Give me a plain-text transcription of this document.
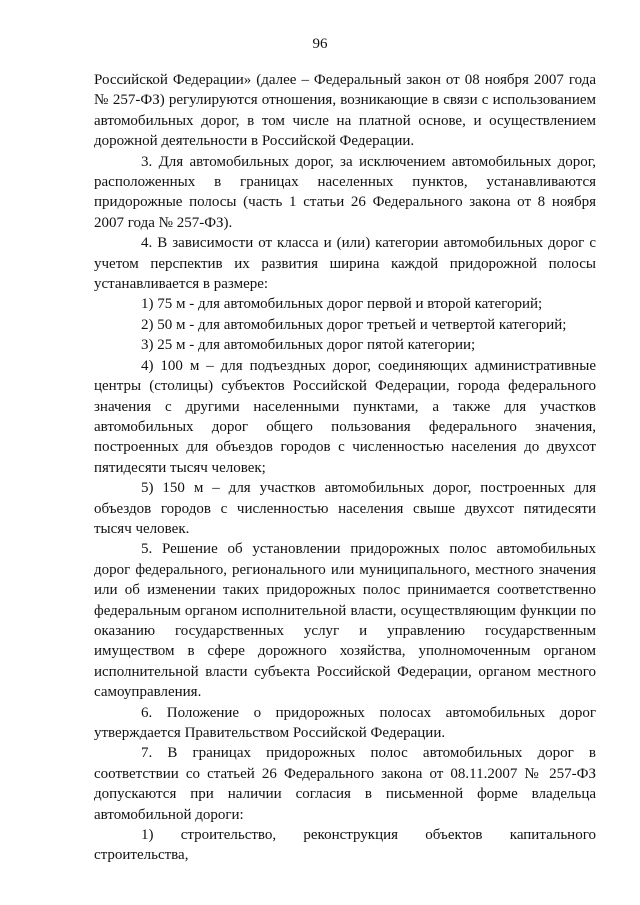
96

Российской Федерации» (далее – Федеральный закон от 08 ноября 2007 года № 257-ФЗ) регулируются отношения, возникающие в связи с использованием автомобильных дорог, в том числе на платной основе, и осуществлением дорожной деятельности в Российской Федерации.

3. Для автомобильных дорог, за исключением автомобильных дорог, расположенных в границах населенных пунктов, устанавливаются придорожные полосы (часть 1 статьи 26 Федерального закона от 8 ноября 2007 года № 257-ФЗ).

4. В зависимости от класса и (или) категории автомобильных дорог с учетом перспектив их развития ширина каждой придорожной полосы устанавливается в размере:

1) 75 м - для автомобильных дорог первой и второй категорий;

2) 50 м - для автомобильных дорог третьей и четвертой категорий;

3) 25 м - для автомобильных дорог пятой категории;

4) 100 м – для подъездных дорог, соединяющих административные центры (столицы) субъектов Российской Федерации, города федерального значения с другими населенными пунктами, а также для участков автомобильных дорог общего пользования федерального значения, построенных для объездов городов с численностью населения до двухсот пятидесяти тысяч человек;

5) 150 м – для участков автомобильных дорог, построенных для объездов городов с численностью населения свыше двухсот пятидесяти тысяч человек.

5. Решение об установлении придорожных полос автомобильных дорог федерального, регионального или муниципального, местного значения или об изменении таких придорожных полос принимается соответственно федеральным органом исполнительной власти, осуществляющим функции по оказанию государственных услуг и управлению государственным имуществом в сфере дорожного хозяйства, уполномоченным органом исполнительной власти субъекта Российской Федерации, органом местного самоуправления.

6. Положение о придорожных полосах автомобильных дорог утверждается Правительством Российской Федерации.

7. В границах придорожных полос автомобильных дорог в соответствии со статьей 26 Федерального закона от 08.11.2007 № 257-ФЗ допускаются при наличии согласия в письменной форме владельца автомобильной дороги:

1) строительство, реконструкция объектов капитального строительства,
